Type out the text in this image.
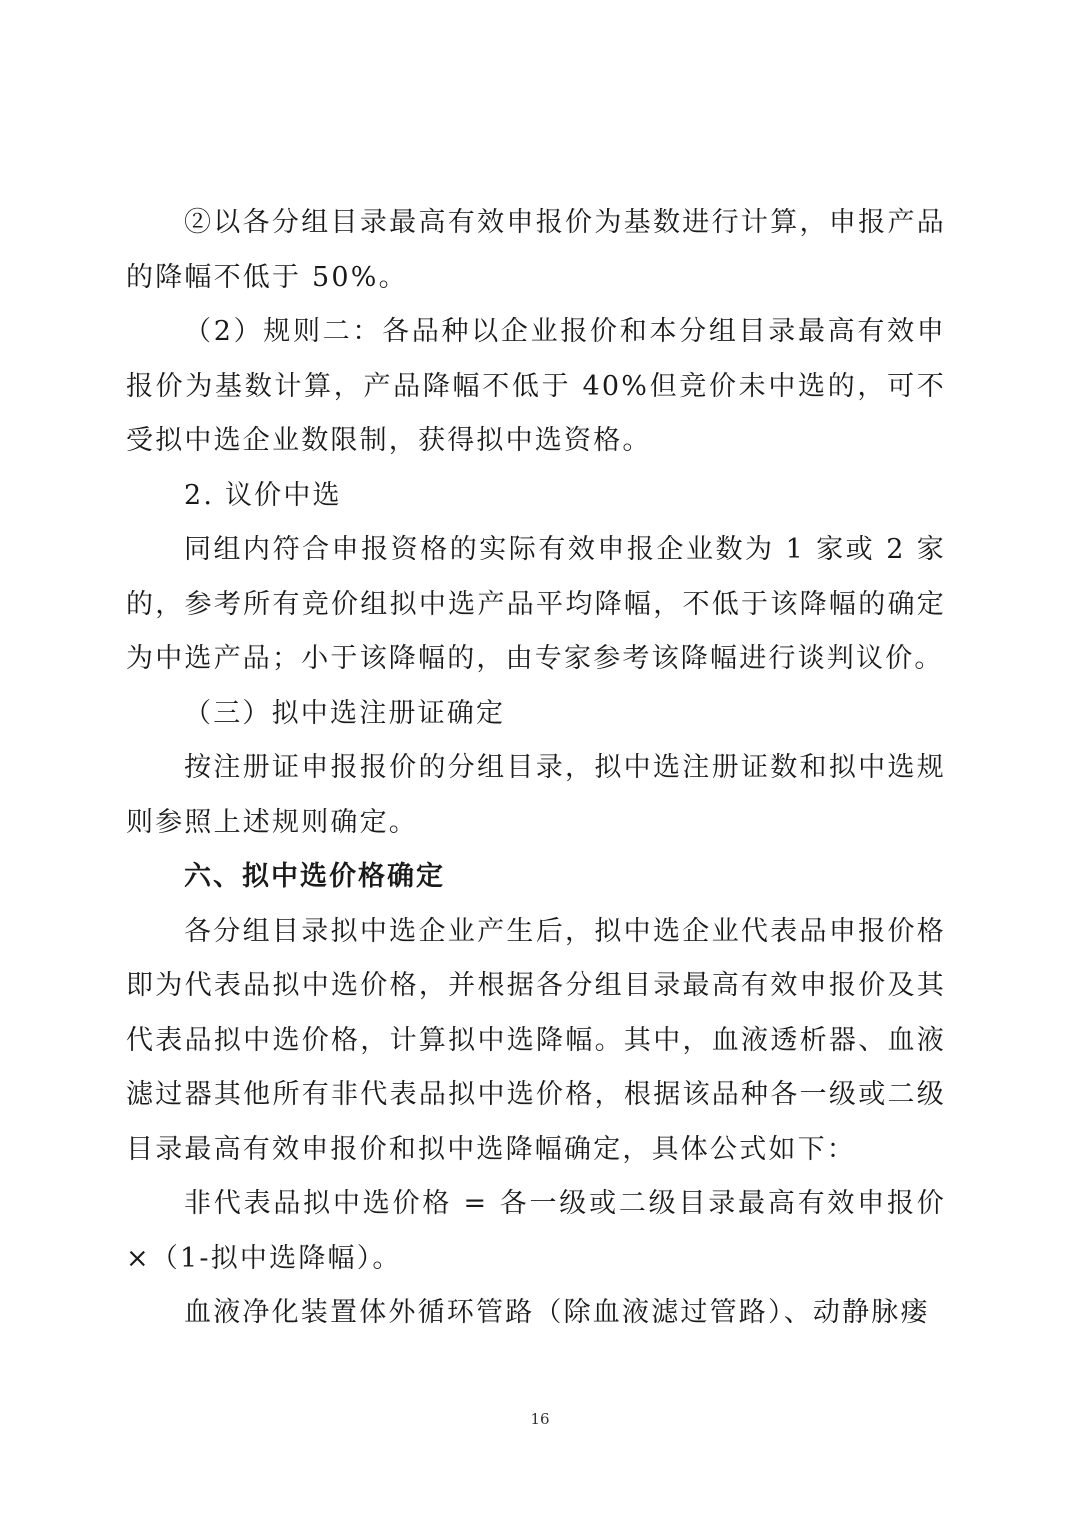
②以各分组目录最高有效申报价为基数进行计算，申报产品的降幅不低于 50%。

（2）规则二：各品种以企业报价和本分组目录最高有效申报价为基数计算，产品降幅不低于 40%但竞价未中选的，可不受拟中选企业数限制，获得拟中选资格。

2. 议价中选

同组内符合申报资格的实际有效申报企业数为 1 家或 2 家的，参考所有竞价组拟中选产品平均降幅，不低于该降幅的确定为中选产品；小于该降幅的，由专家参考该降幅进行谈判议价。

（三）拟中选注册证确定

按注册证申报报价的分组目录，拟中选注册证数和拟中选规则参照上述规则确定。

六、拟中选价格确定

各分组目录拟中选企业产生后，拟中选企业代表品申报价格即为代表品拟中选价格，并根据各分组目录最高有效申报价及其代表品拟中选价格，计算拟中选降幅。其中，血液透析器、血液滤过器其他所有非代表品拟中选价格，根据该品种各一级或二级目录最高有效申报价和拟中选降幅确定，具体公式如下：

非代表品拟中选价格 = 各一级或二级目录最高有效申报价 ×（1-拟中选降幅）。

血液净化装置体外循环管路（除血液滤过管路）、动静脉瘘

16
